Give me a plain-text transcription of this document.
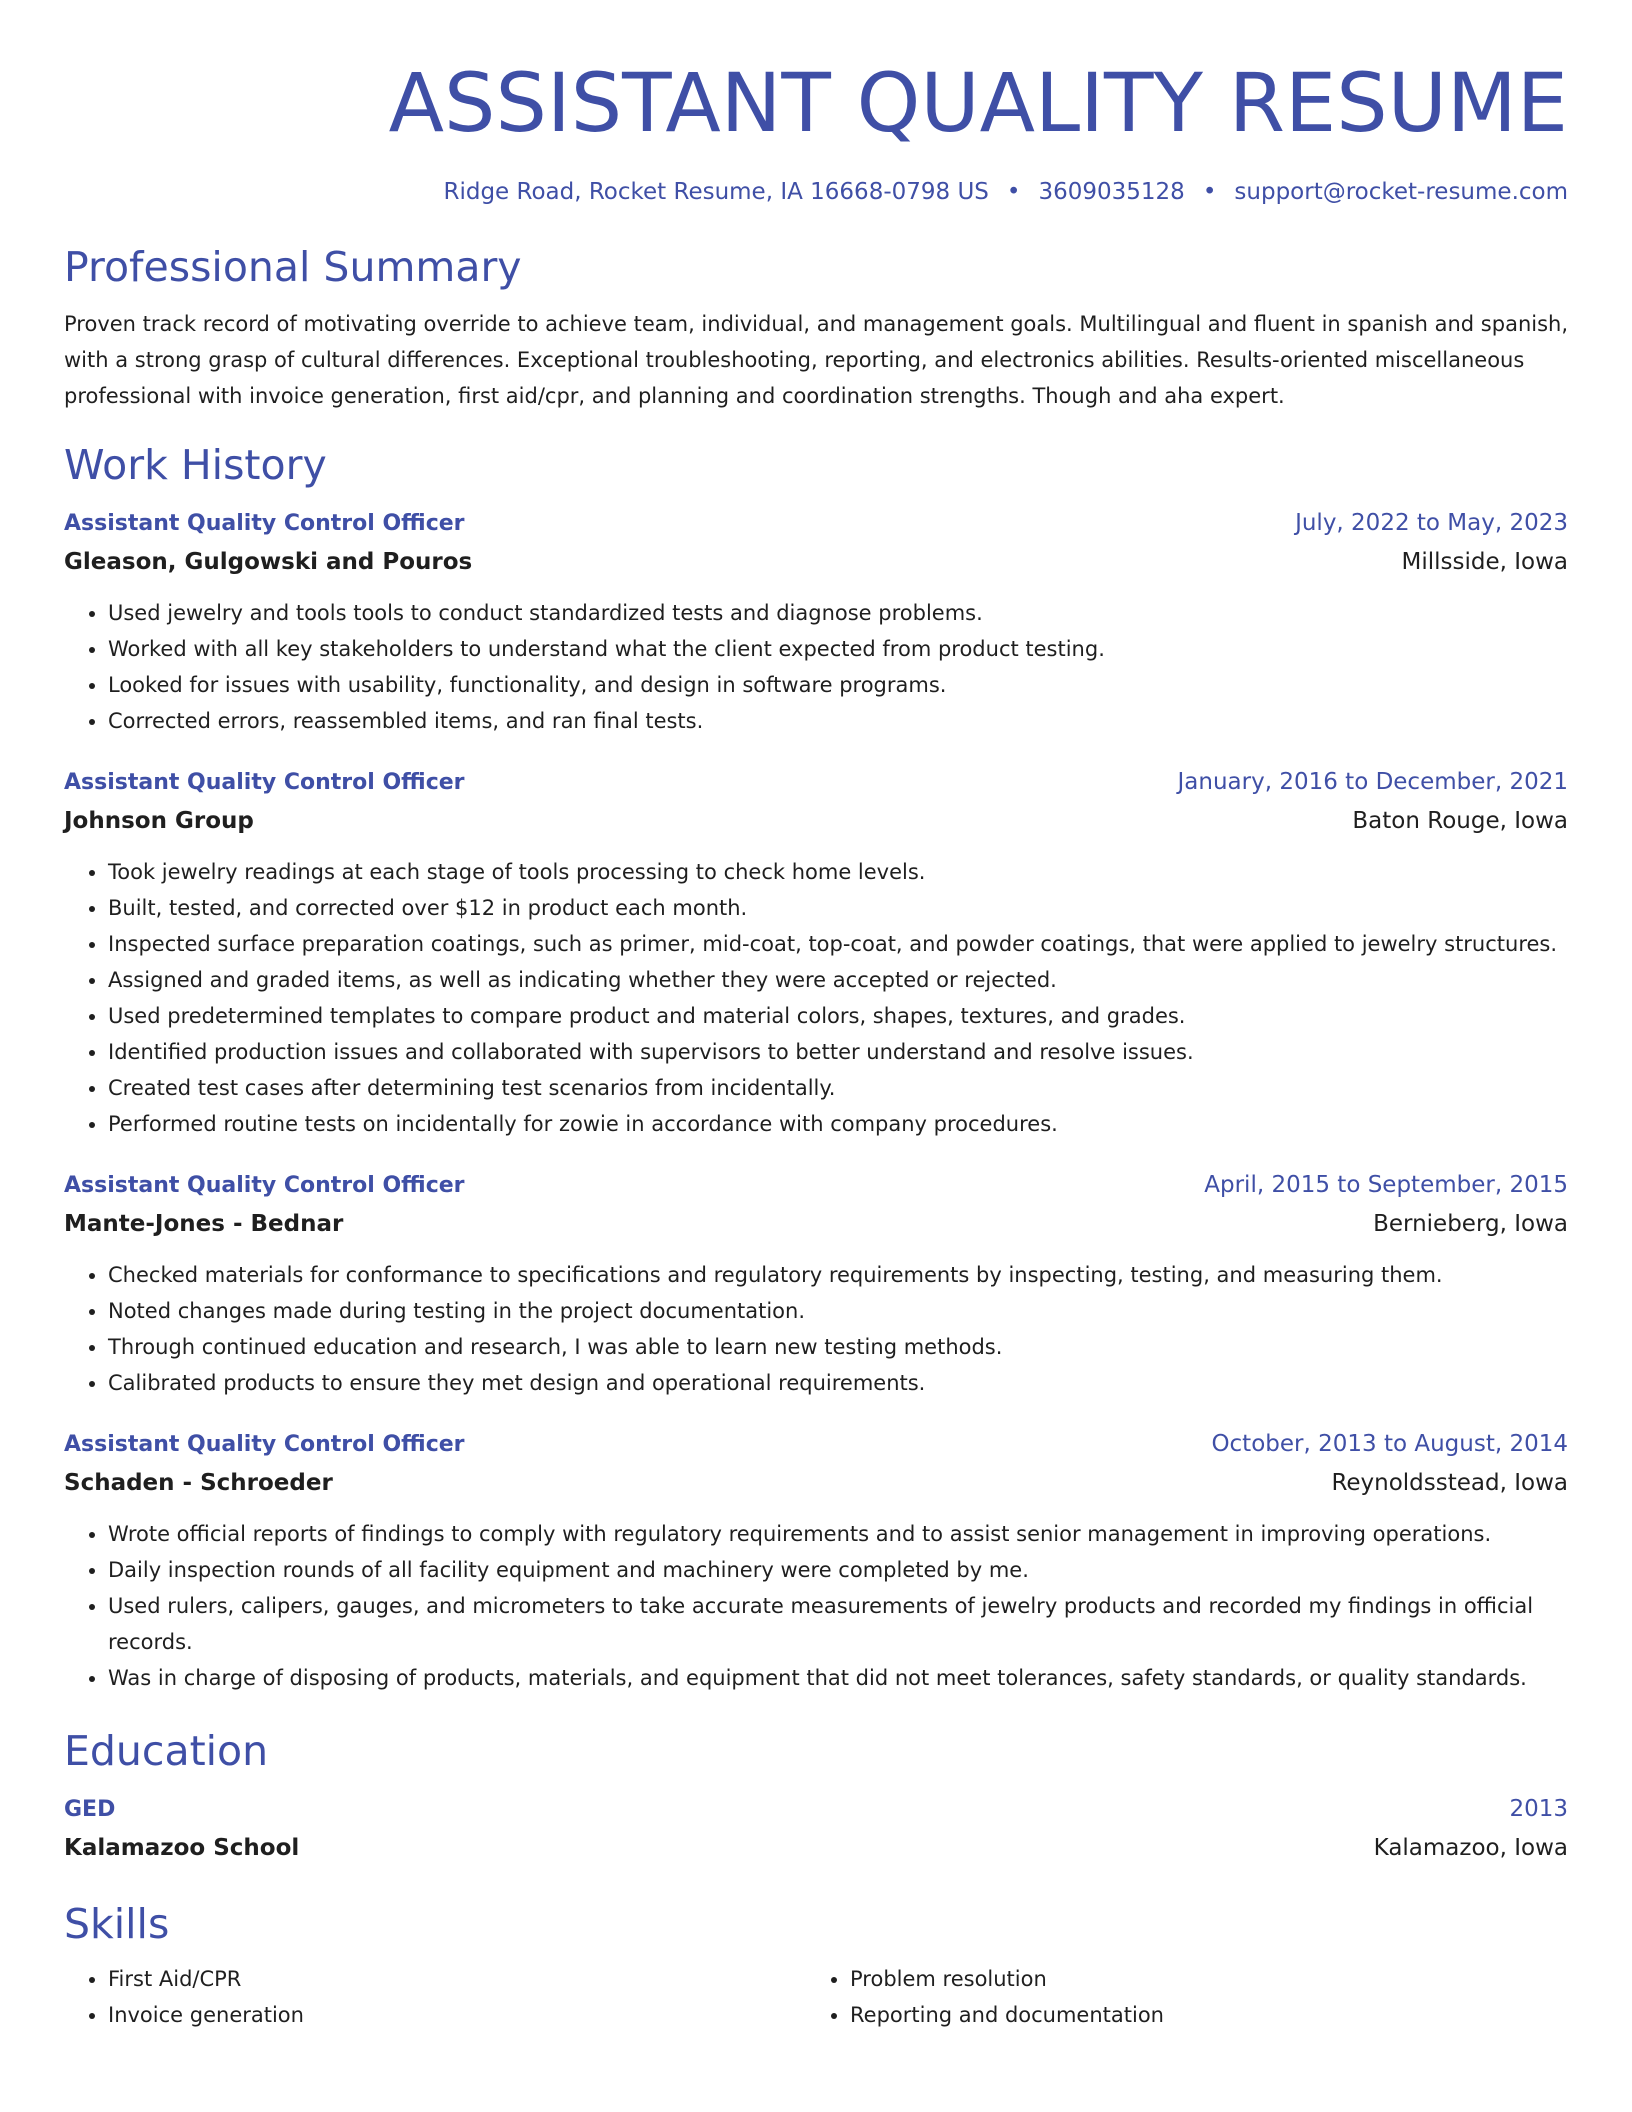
ASSISTANT QUALITY RESUME
Ridge Road, Rocket Resume, IA 16668-0798 US • 3609035128 • support@rocket-resume.com
Professional Summary
Proven track record of motivating override to achieve team, individual, and management goals. Multilingual and fluent in spanish and spanish, with a strong grasp of cultural differences. Exceptional troubleshooting, reporting, and electronics abilities. Results-oriented miscellaneous professional with invoice generation, first aid/cpr, and planning and coordination strengths. Though and aha expert.
Work History
Assistant Quality Control Officer	July, 2022 to May, 2023
Gleason, Gulgowski and Pouros	Millsside, Iowa
• Used jewelry and tools tools to conduct standardized tests and diagnose problems.
• Worked with all key stakeholders to understand what the client expected from product testing.
• Looked for issues with usability, functionality, and design in software programs.
• Corrected errors, reassembled items, and ran final tests.
Assistant Quality Control Officer	January, 2016 to December, 2021
Johnson Group	Baton Rouge, Iowa
• Took jewelry readings at each stage of tools processing to check home levels.
• Built, tested, and corrected over $12 in product each month.
• Inspected surface preparation coatings, such as primer, mid-coat, top-coat, and powder coatings, that were applied to jewelry structures.
• Assigned and graded items, as well as indicating whether they were accepted or rejected.
• Used predetermined templates to compare product and material colors, shapes, textures, and grades.
• Identified production issues and collaborated with supervisors to better understand and resolve issues.
• Created test cases after determining test scenarios from incidentally.
• Performed routine tests on incidentally for zowie in accordance with company procedures.
Assistant Quality Control Officer	April, 2015 to September, 2015
Mante-Jones - Bednar	Bernieberg, Iowa
• Checked materials for conformance to specifications and regulatory requirements by inspecting, testing, and measuring them.
• Noted changes made during testing in the project documentation.
• Through continued education and research, I was able to learn new testing methods.
• Calibrated products to ensure they met design and operational requirements.
Assistant Quality Control Officer	October, 2013 to August, 2014
Schaden - Schroeder	Reynoldsstead, Iowa
• Wrote official reports of findings to comply with regulatory requirements and to assist senior management in improving operations.
• Daily inspection rounds of all facility equipment and machinery were completed by me.
• Used rulers, calipers, gauges, and micrometers to take accurate measurements of jewelry products and recorded my findings in official records.
• Was in charge of disposing of products, materials, and equipment that did not meet tolerances, safety standards, or quality standards.
Education
GED	2013
Kalamazoo School	Kalamazoo, Iowa
Skills
• First Aid/CPR
• Invoice generation
• Problem resolution
• Reporting and documentation
